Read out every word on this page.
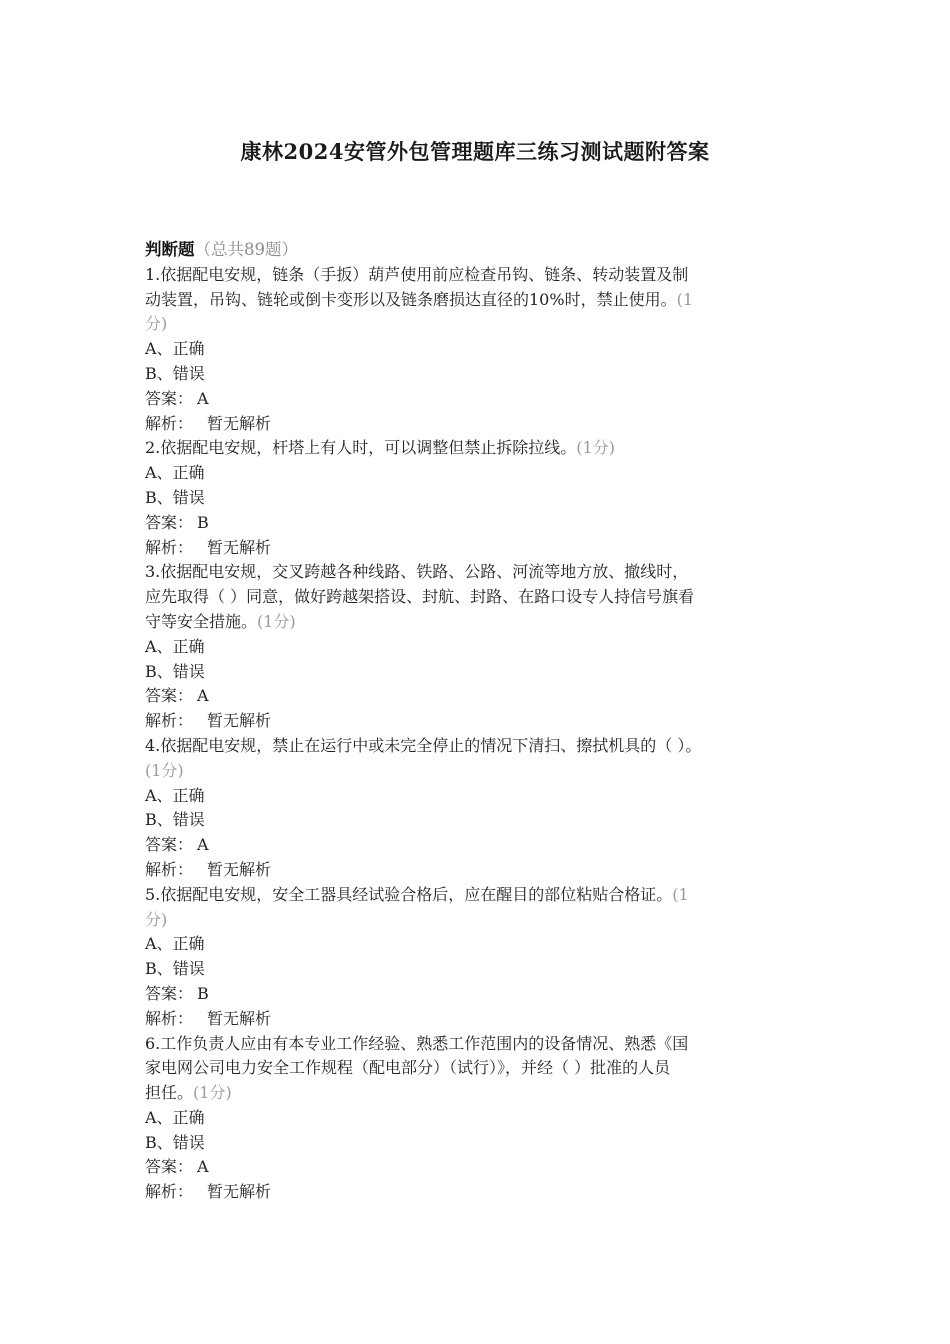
康林2024安管外包管理题库三练习测试题附答案
判断题（总共89题）
1.依据配电安规，链条（手扳）葫芦使用前应检查吊钩、链条、转动装置及制
动装置，吊钩、链轮或倒卡变形以及链条磨损达直径的10%时，禁止使用。(1
分)
A、正确
B、错误
答案： A
解析： 暂无解析
2.依据配电安规，杆塔上有人时，可以调整但禁止拆除拉线。(1分)
A、正确
B、错误
答案： B
解析： 暂无解析
3.依据配电安规，交叉跨越各种线路、铁路、公路、河流等地方放、撤线时，
应先取得（ ）同意，做好跨越架搭设、封航、封路、在路口设专人持信号旗看
守等安全措施。(1分)
A、正确
B、错误
答案： A
解析： 暂无解析
4.依据配电安规，禁止在运行中或未完全停止的情况下清扫、擦拭机具的（ ）。
(1分)
A、正确
B、错误
答案： A
解析： 暂无解析
5.依据配电安规，安全工器具经试验合格后，应在醒目的部位粘贴合格证。(1
分)
A、正确
B、错误
答案： B
解析： 暂无解析
6.工作负责人应由有本专业工作经验、熟悉工作范围内的设备情况、熟悉《国
家电网公司电力安全工作规程（配电部分）（试行）》，并经（ ）批准的人员
担任。(1分)
A、正确
B、错误
答案： A
解析： 暂无解析
